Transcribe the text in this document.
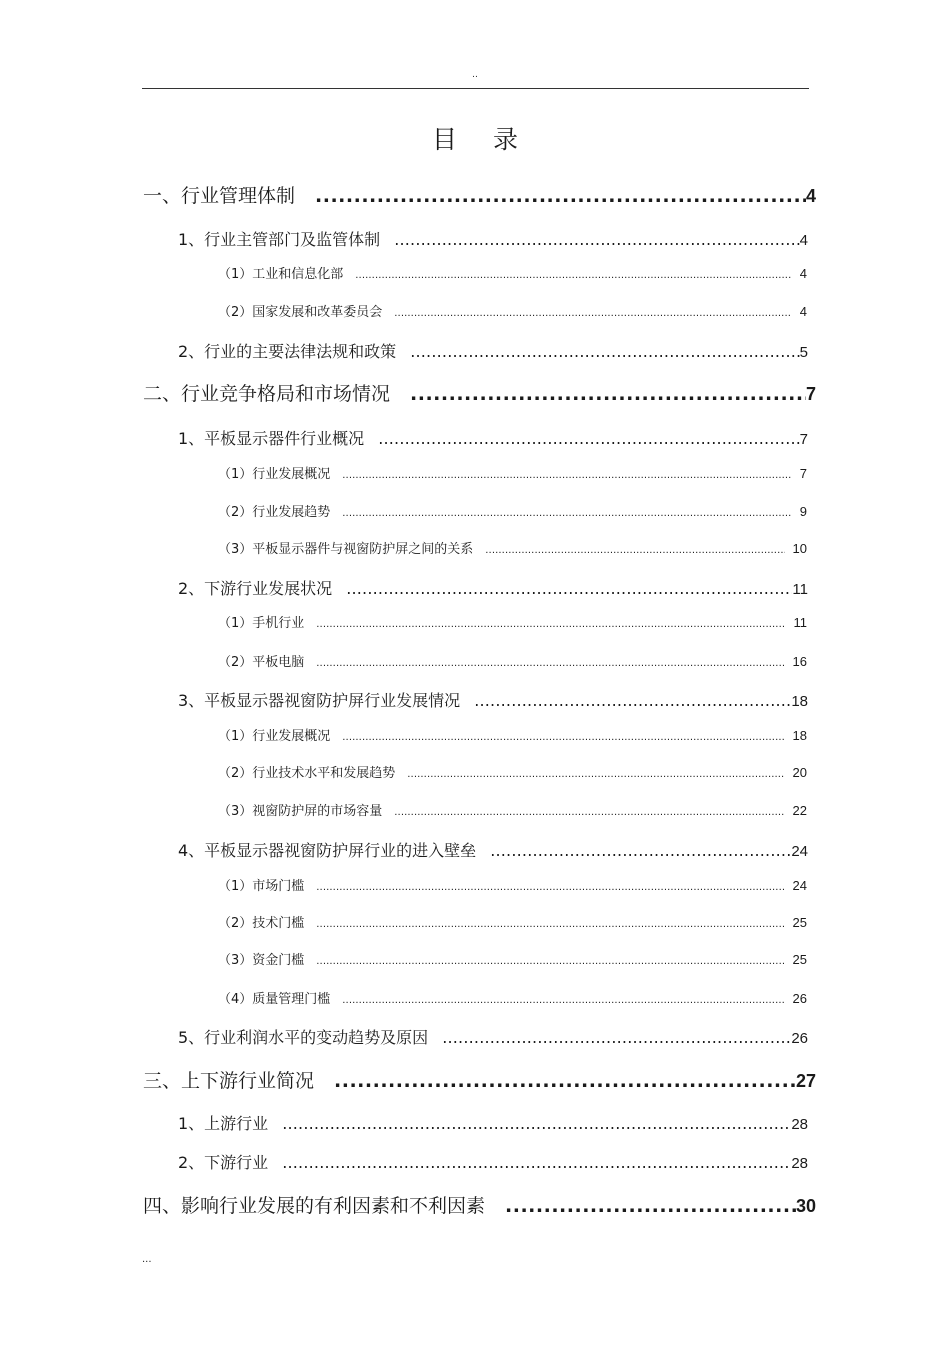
..
目 录
一、行业管理体制 .....	4
1、行业主管部门及监管体制 .....	4
（1）工业和信息化部 .....	4
（2）国家发展和改革委员会 .....	4
2、行业的主要法律法规和政策 .....	5
二、行业竞争格局和市场情况 .....	7
1、平板显示器件行业概况 .....	7
（1）行业发展概况 .....	7
（2）行业发展趋势 .....	9
（3）平板显示器件与视窗防护屏之间的关系 .....	10
2、下游行业发展状况 .....	11
（1）手机行业 .....	11
（2）平板电脑 .....	16
3、平板显示器视窗防护屏行业发展情况 .....	18
（1）行业发展概况 .....	18
（2）行业技术水平和发展趋势 .....	20
（3）视窗防护屏的市场容量 .....	22
4、平板显示器视窗防护屏行业的进入壁垒 .....	24
（1）市场门槛 .....	24
（2）技术门槛 .....	25
（3）资金门槛 .....	25
（4）质量管理门槛 .....	26
5、行业利润水平的变动趋势及原因 .....	26
三、上下游行业简况 .....	27
1、上游行业 .....	28
2、下游行业 .....	28
四、影响行业发展的有利因素和不利因素 .....	30
...
